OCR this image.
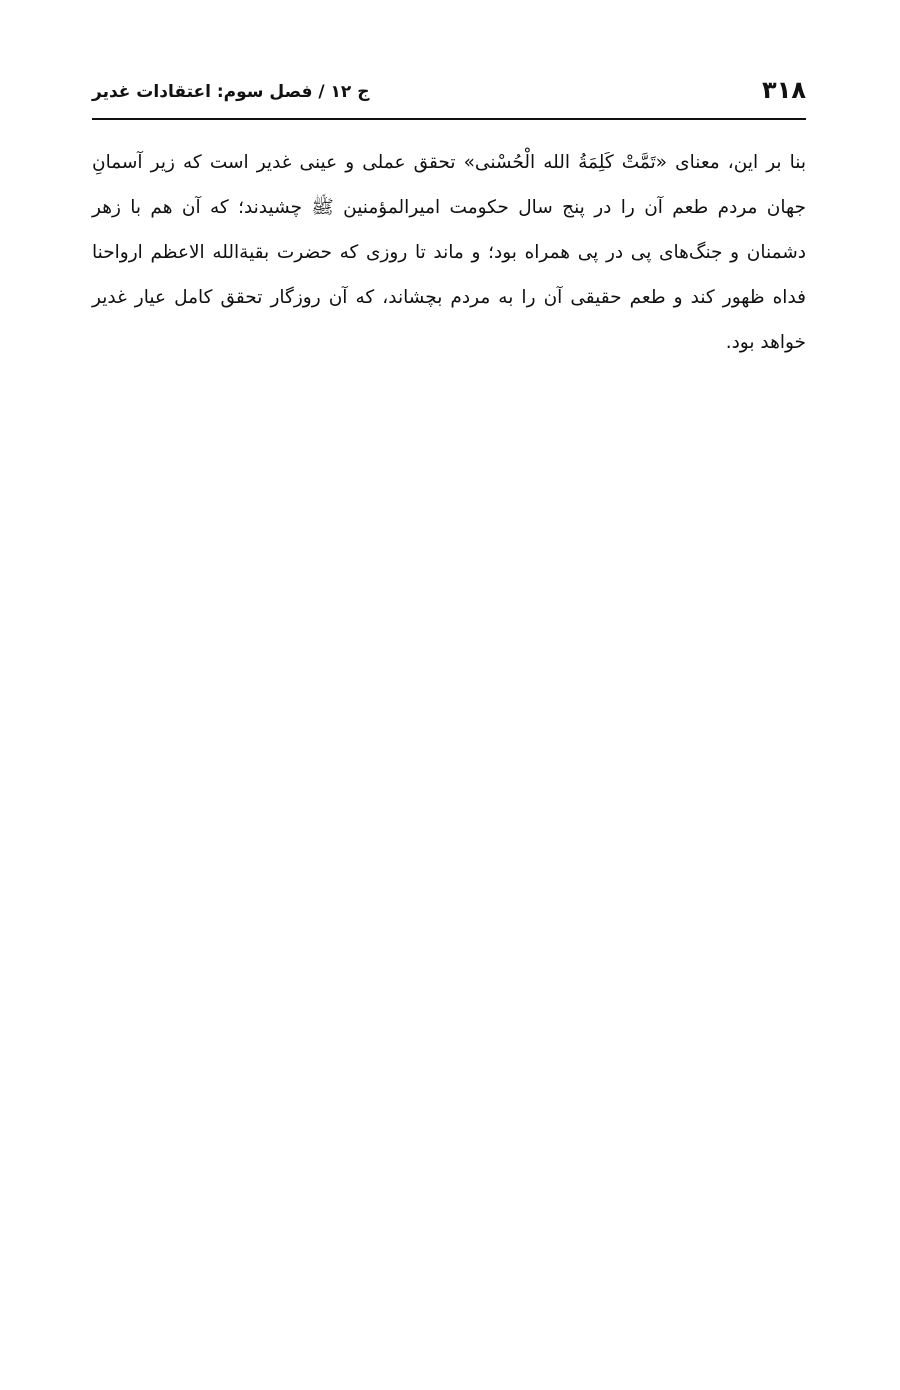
۳۱۸
ج ۱۲ / فصل سوم: اعتقادات غدیر

بنا بر این، معنای «تَمَّتْ كَلِمَةُ الله الْحُسْنی» تحقق عملی و عینی غدیر است که زیر آسمانِ جهان مردم طعم آن را در پنج سال حکومت امیرالمؤمنین ﷺ چشیدند؛ که آن هم با زهر دشمنان و جنگ‌های پی در پی همراه بود؛ و ماند تا روزی که حضرت بقیةالله الاعظم ارواحنا فداه ظهور کند و طعم حقیقی آن را به مردم بچشاند، که آن روزگار تحقق کامل عیار غدیر خواهد بود.
